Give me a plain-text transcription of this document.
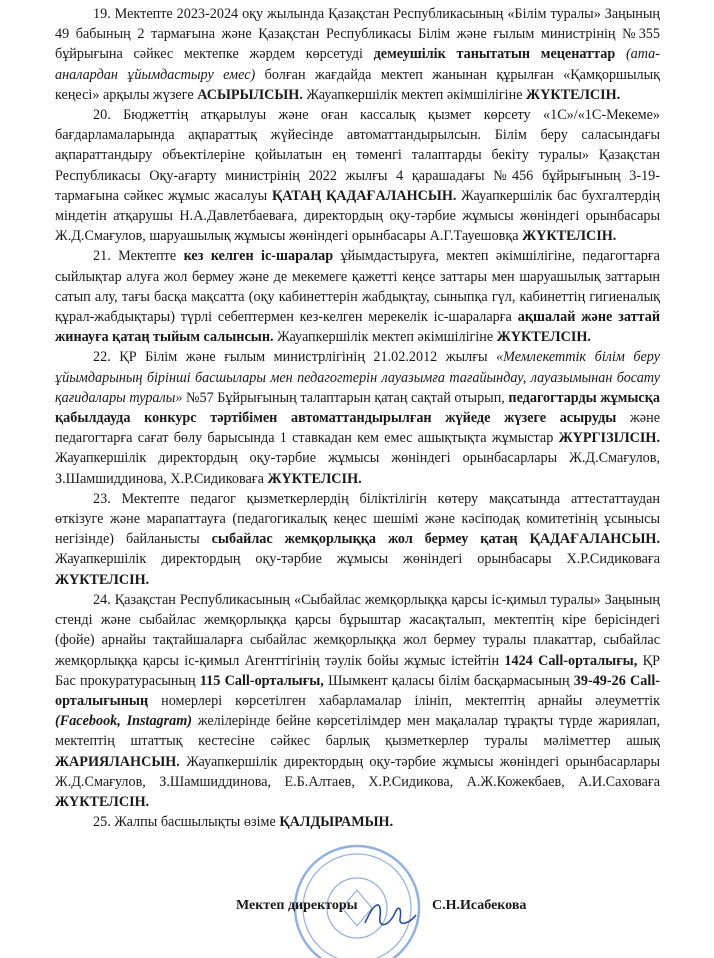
19. Мектепте 2023-2024 оқу жылында Қазақстан Республикасының «Білім туралы» Заңының 49 бабының 2 тармағына және Қазақстан Республикасы Білім және ғылым министрінің №355 бұйрығына сәйкес мектепке жәрдем көрсетуді демеушілік танытатын меценаттар (ата-аналардан ұйымдастыру емес) болған жағдайда мектеп жанынан құрылған «Қамқоршылық кеңесі» арқылы жүзеге АСЫРЫЛСЫН. Жауапкершілік мектеп әкімшілігіне ЖҮКТЕЛСІН.

20. Бюджеттің атқарылуы және оған кассалық қызмет көрсету «1С»/«1С-Мекеме» бағдарламаларында ақпараттық жүйесінде автоматтандырылсын. Білім беру саласындағы ақпараттандыру объектілеріне қойылатын ең төменгі талаптарды бекіту туралы» Қазақстан Республикасы Оқу-ағарту министрінің 2022 жылғы 4 қарашадағы №456 бұйрығының 3-19-тармағына сәйкес жұмыс жасалуы ҚАТАҢ ҚАДАҒАЛАНСЫН. Жауапкершілік бас бухгалтердің міндетін атқарушы Н.А.Давлетбаеваға, директордың оқу-тәрбие жұмысы жөніндегі орынбасары Ж.Д.Смағулов, шаруашылық жұмысы жөніндегі орынбасары А.Г.Тауешовқа ЖҮКТЕЛСІН.

21. Мектепте кез келген іс-шаралар ұйымдастыруға, мектеп әкімшілігіне, педагогтарға сыйлықтар алуға жол бермеу және де мекемеге қажетті кеңсе заттары мен шаруашылық заттарын сатып алу, тағы басқа мақсатта (оқу кабинеттерін жабдықтау, сыныпқа гүл, кабинеттің гигиеналық құрал-жабдықтары) түрлі себептермен кез-келген мерекелік іс-шараларға ақшалай және заттай жинауға қатаң тыйым салынсын. Жауапкершілік мектеп әкімшілігіне ЖҮКТЕЛСІН.

22. ҚР Білім және ғылым министрлігінің 21.02.2012 жылғы «Мемлекеттік білім беру ұйымдарының бірінші басшылары мен педагогтерін лауазымға тағайындау, лауазымынан босату қағидалары туралы» №57 Бұйрығының талаптарын қатаң сақтай отырып, педагогтарды жұмысқа қабылдауда конкурс тәртібімен автоматтандырылған жүйеде жүзеге асыруды және педагогтарға сағат бөлу барысында 1 ставкадан кем емес ашықтықта жұмыстар ЖҮРГІЗІЛСІН. Жауапкершілік директордың оқу-тәрбие жұмысы жөніндегі орынбасарлары Ж.Д.Смағулов, З.Шамшиддинова, Х.Р.Сидиковаға ЖҮКТЕЛСІН.

23. Мектепте педагог қызметкерлердің біліктілігін көтеру мақсатында аттестаттаудан өткізуге және марапаттауға (педагогикалық кеңес шешімі және кәсіподақ комитетінің ұсынысы негізінде) байланысты сыбайлас жемқорлыққа жол бермеу қатаң ҚАДАҒАЛАНСЫН. Жауапкершілік директордың оқу-тәрбие жұмысы жөніндегі орынбасары Х.Р.Сидиковаға ЖҮКТЕЛСІН.

24. Қазақстан Республикасының «Сыбайлас жемқорлыққа қарсы іс-қимыл туралы» Заңының стенді және сыбайлас жемқорлыққа қарсы бұрыштар жасақталып, мектептің кіре берісіндегі (фойе) арнайы тақтайшаларға сыбайлас жемқорлыққа жол бермеу туралы плакаттар, сыбайлас жемқорлыққа қарсы іс-қимыл Агенттігінің тәулік бойы жұмыс істейтін 1424 Call-орталығы, ҚР Бас прокуратурасының 115 Call-орталығы, Шымкент қаласы білім басқармасының 39-49-26 Call-орталығының номерлері көрсетілген хабарламалар ілініп, мектептің арнайы әлеуметтік (Facebook, Instagram) желілерінде бейне көрсетілімдер мен мақалалар тұрақты түрде жариялап, мектептің штаттық кестесіне сәйкес барлық қызметкерлер туралы мәліметтер ашық ЖАРИЯЛАНСЫН. Жауапкершілік директордың оқу-тәрбие жұмысы жөніндегі орынбасарлары Ж.Д.Смағулов, З.Шамшиддинова, Е.Б.Алтаев, Х.Р.Сидикова, А.Ж.Кожекбаев, А.И.Саховаға ЖҮКТЕЛСІН.

25. Жалпы басшылықты өзіме ҚАЛДЫРАМЫН.

Мектеп директоры	С.Н.Исабекова
